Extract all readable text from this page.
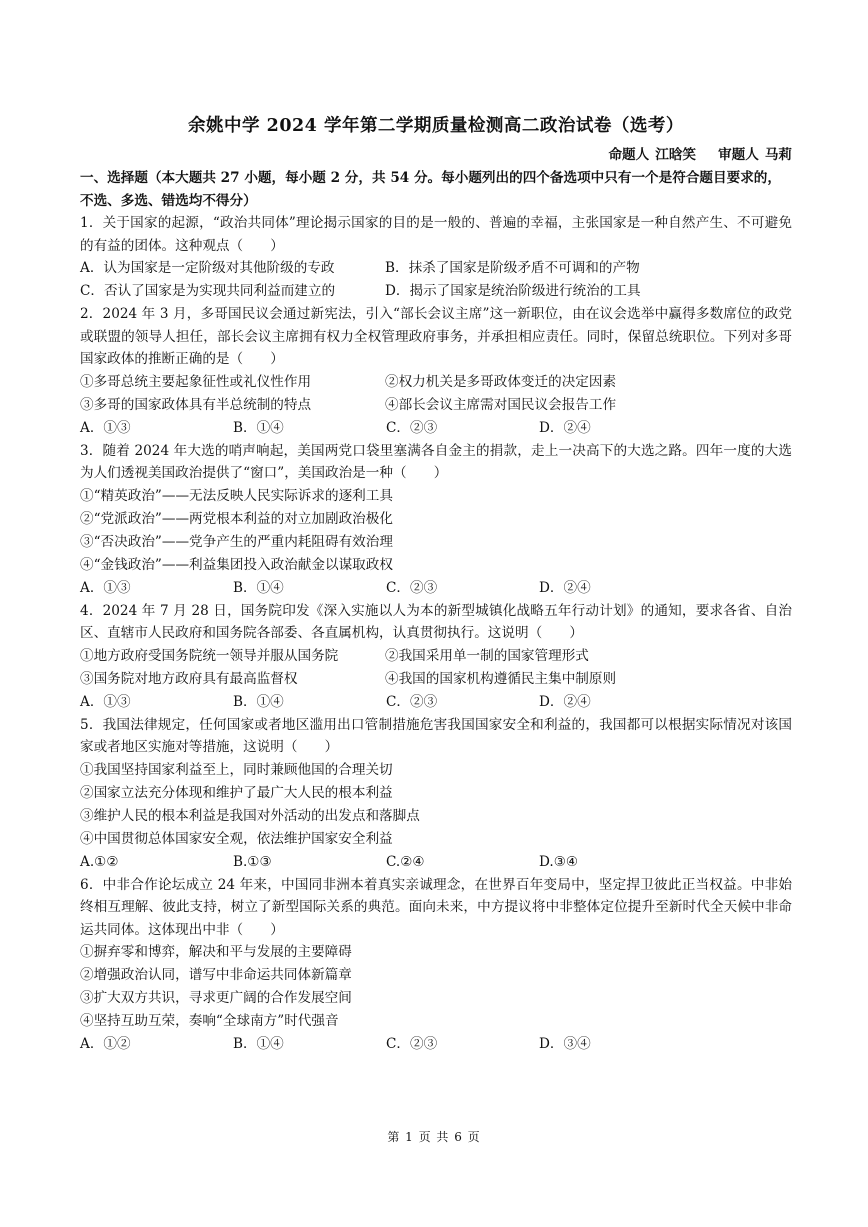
余姚中学 2024 学年第二学期质量检测高二政治试卷（选考）
命题人 江晗笑 审题人 马莉
一、选择题（本大题共 27 小题，每小题 2 分，共 54 分。每小题列出的四个备选项中只有一个是符合题目要求的，不选、多选、错选均不得分）
1．关于国家的起源，“政治共同体”理论揭示国家的目的是一般的、普遍的幸福，主张国家是一种自然产生、不可避免的有益的团体。这种观点（　　）
A．认为国家是一定阶级对其他阶级的专政	B．抹杀了国家是阶级矛盾不可调和的产物
C．否认了国家是为实现共同利益而建立的	D．揭示了国家是统治阶级进行统治的工具
2．2024 年 3 月，多哥国民议会通过新宪法，引入“部长会议主席”这一新职位，由在议会选举中赢得多数席位的政党或联盟的领导人担任，部长会议主席拥有权力全权管理政府事务，并承担相应责任。同时，保留总统职位。下列对多哥国家政体的推断正确的是（　　）
①多哥总统主要起象征性或礼仪性作用	②权力机关是多哥政体变迁的决定因素
③多哥的国家政体具有半总统制的特点	④部长会议主席需对国民议会报告工作
A．①③	B．①④	C．②③	D．②④
3．随着 2024 年大选的哨声响起，美国两党口袋里塞满各自金主的捐款，走上一决高下的大选之路。四年一度的大选为人们透视美国政治提供了“窗口”，美国政治是一种（　　）
①“精英政治”——无法反映人民实际诉求的逐利工具
②“党派政治”——两党根本利益的对立加剧政治极化
③“否决政治”——党争产生的严重内耗阻碍有效治理
④“金钱政治”——利益集团投入政治献金以谋取政权
A．①③	B．①④	C．②③	D．②④
4．2024 年 7 月 28 日，国务院印发《深入实施以人为本的新型城镇化战略五年行动计划》的通知，要求各省、自治区、直辖市人民政府和国务院各部委、各直属机构，认真贯彻执行。这说明（　　）
①地方政府受国务院统一领导并服从国务院	②我国采用单一制的国家管理形式
③国务院对地方政府具有最高监督权	④我国的国家机构遵循民主集中制原则
A．①③	B．①④	C．②③	D．②④
5．我国法律规定，任何国家或者地区滥用出口管制措施危害我国国家安全和利益的，我国都可以根据实际情况对该国家或者地区实施对等措施，这说明（　　）
①我国坚持国家利益至上，同时兼顾他国的合理关切
②国家立法充分体现和维护了最广大人民的根本利益
③维护人民的根本利益是我国对外活动的出发点和落脚点
④中国贯彻总体国家安全观，依法维护国家安全利益
A.①②	B.①③	C.②④	D.③④
6．中非合作论坛成立 24 年来，中国同非洲本着真实亲诚理念，在世界百年变局中，坚定捍卫彼此正当权益。中非始终相互理解、彼此支持，树立了新型国际关系的典范。面向未来，中方提议将中非整体定位提升至新时代全天候中非命运共同体。这体现出中非（　　）
①摒弃零和博弈，解决和平与发展的主要障碍
②增强政治认同，谱写中非命运共同体新篇章
③扩大双方共识，寻求更广阔的合作发展空间
④坚持互助互荣，奏响“全球南方”时代强音
A．①②	B．①④	C．②③	D．③④
第 1 页 共 6 页
